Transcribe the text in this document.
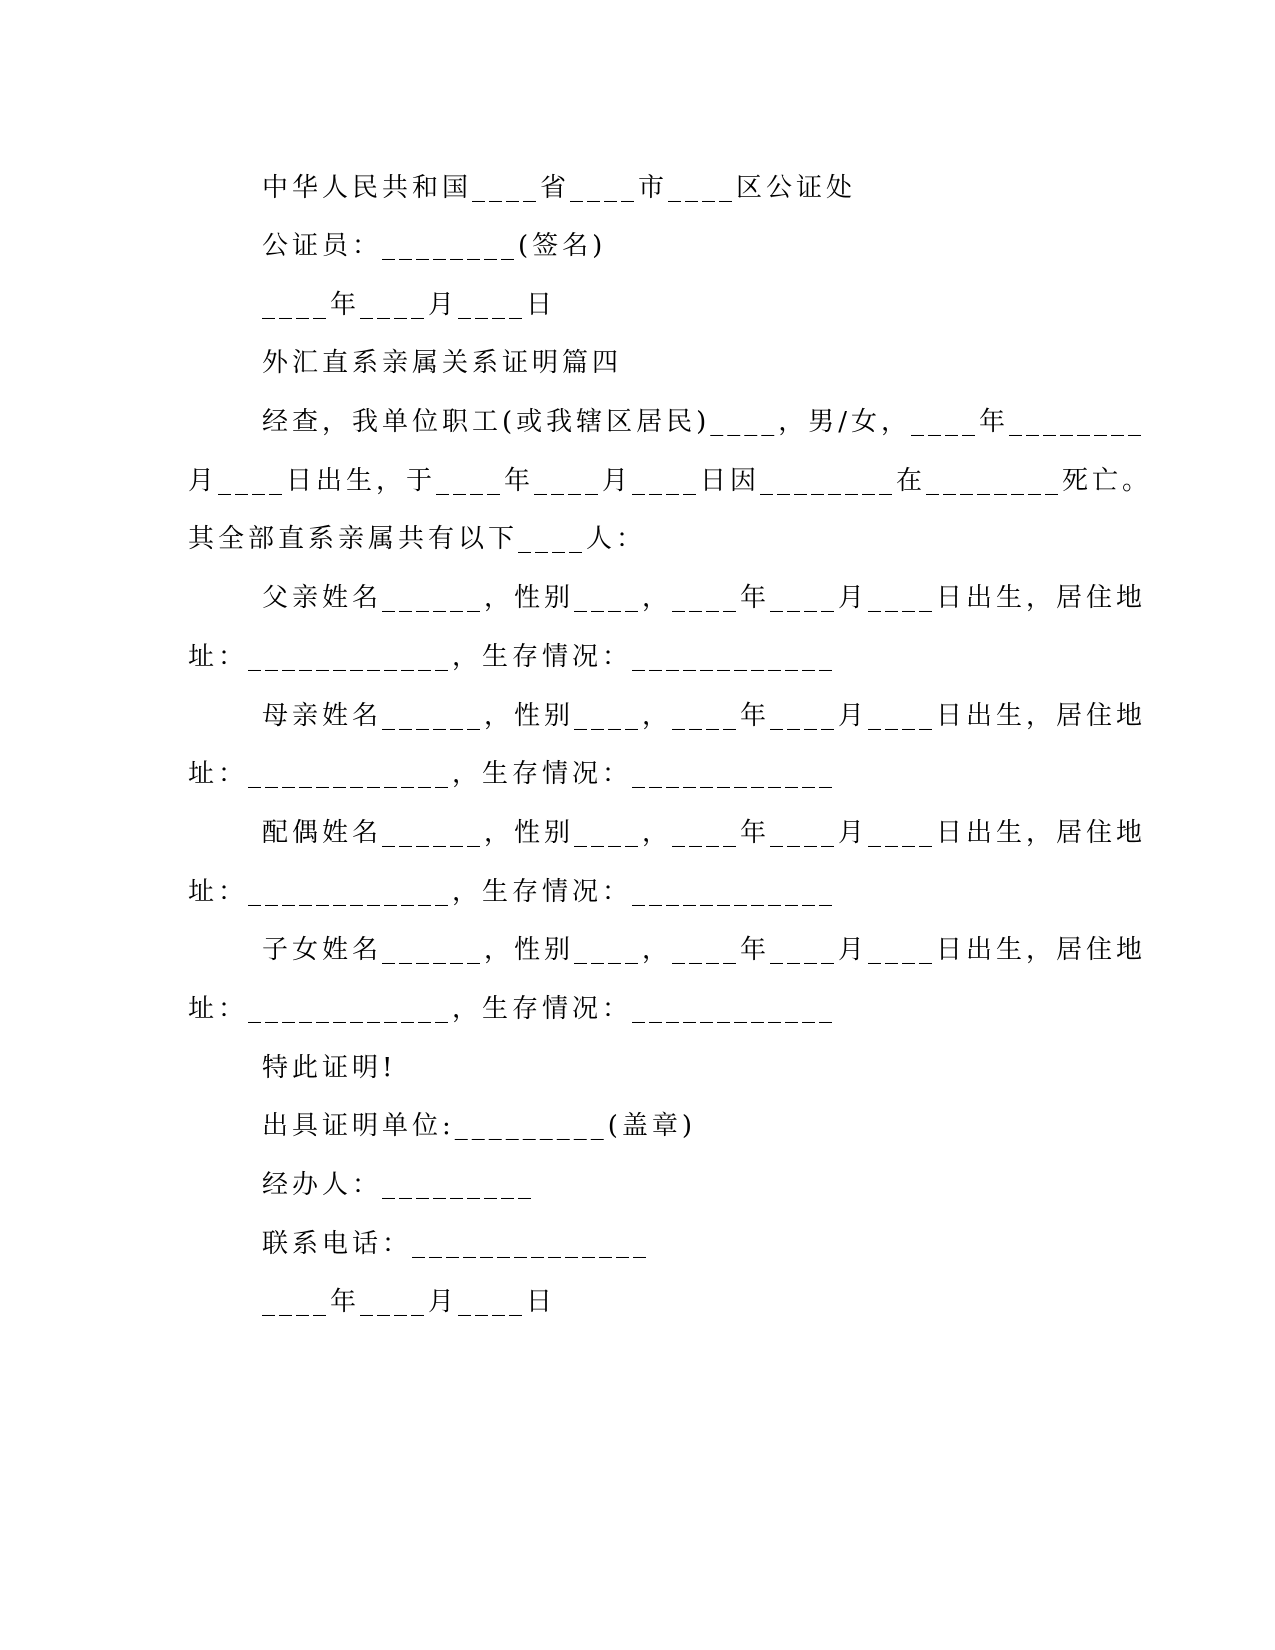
中华人民共和国____省____市____区公证处

公证员：________(签名)

____年____月____日

外汇直系亲属关系证明篇四

经查，我单位职工(或我辖区居民)____，男/女，____年________

月____日出生，于____年____月____日因________在________死亡。

其全部直系亲属共有以下____人：

父亲姓名______，性别____，____年____月____日出生，居住地

址：____________，生存情况：____________

母亲姓名______，性别____，____年____月____日出生，居住地

址：____________，生存情况：____________

配偶姓名______，性别____，____年____月____日出生，居住地

址：____________，生存情况：____________

子女姓名______，性别____，____年____月____日出生，居住地

址：____________，生存情况：____________

特此证明!

出具证明单位:_________(盖章)

经办人：_________

联系电话：______________

____年____月____日
